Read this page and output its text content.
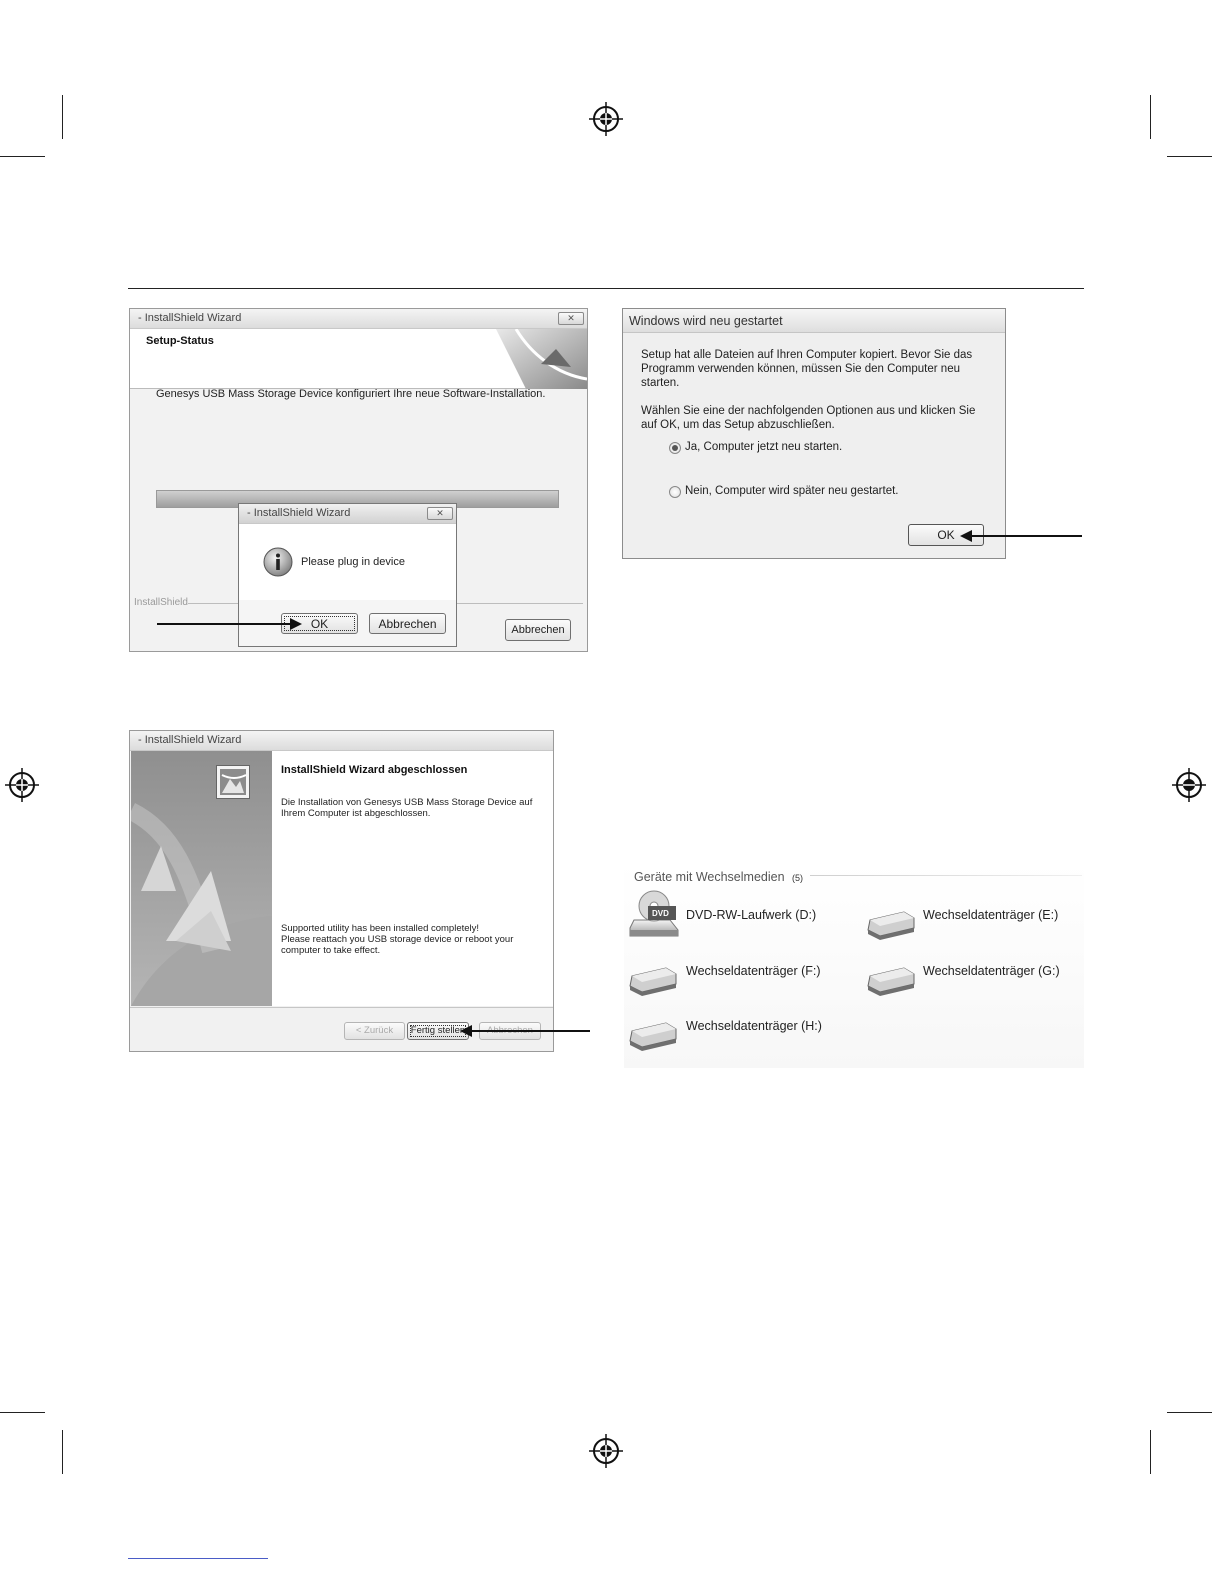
- InstallShield Wizard	✕
Setup-Status
Genesys USB Mass Storage Device konfiguriert Ihre neue Software-Installation.
InstallShield
Abbrechen
- InstallShield Wizard	✕
Please plug in device
OK	Abbrechen
Windows wird neu gestartet
Setup hat alle Dateien auf Ihren Computer kopiert. Bevor Sie das
Programm verwenden können, müssen Sie den Computer neu
starten.
Wählen Sie eine der nachfolgenden Optionen aus und klicken Sie
auf OK, um das Setup abzuschließen.
Ja, Computer jetzt neu starten.
Nein, Computer wird später neu gestartet.
OK
- InstallShield Wizard
InstallShield Wizard abgeschlossen
Die Installation von Genesys USB Mass Storage Device auf
Ihrem Computer ist abgeschlossen.
Supported utility has been installed completely!
Please reattach you USB storage device or reboot your
computer to take effect.
< Zurück	Fertig stellen
Geräte mit Wechselmedien (5)
DVD DVD-RW-Laufwerk (D:)	Wechseldatenträger (E:)
Wechseldatenträger (F:)	Wechseldatenträger (G:)
Wechseldatenträger (H:)
